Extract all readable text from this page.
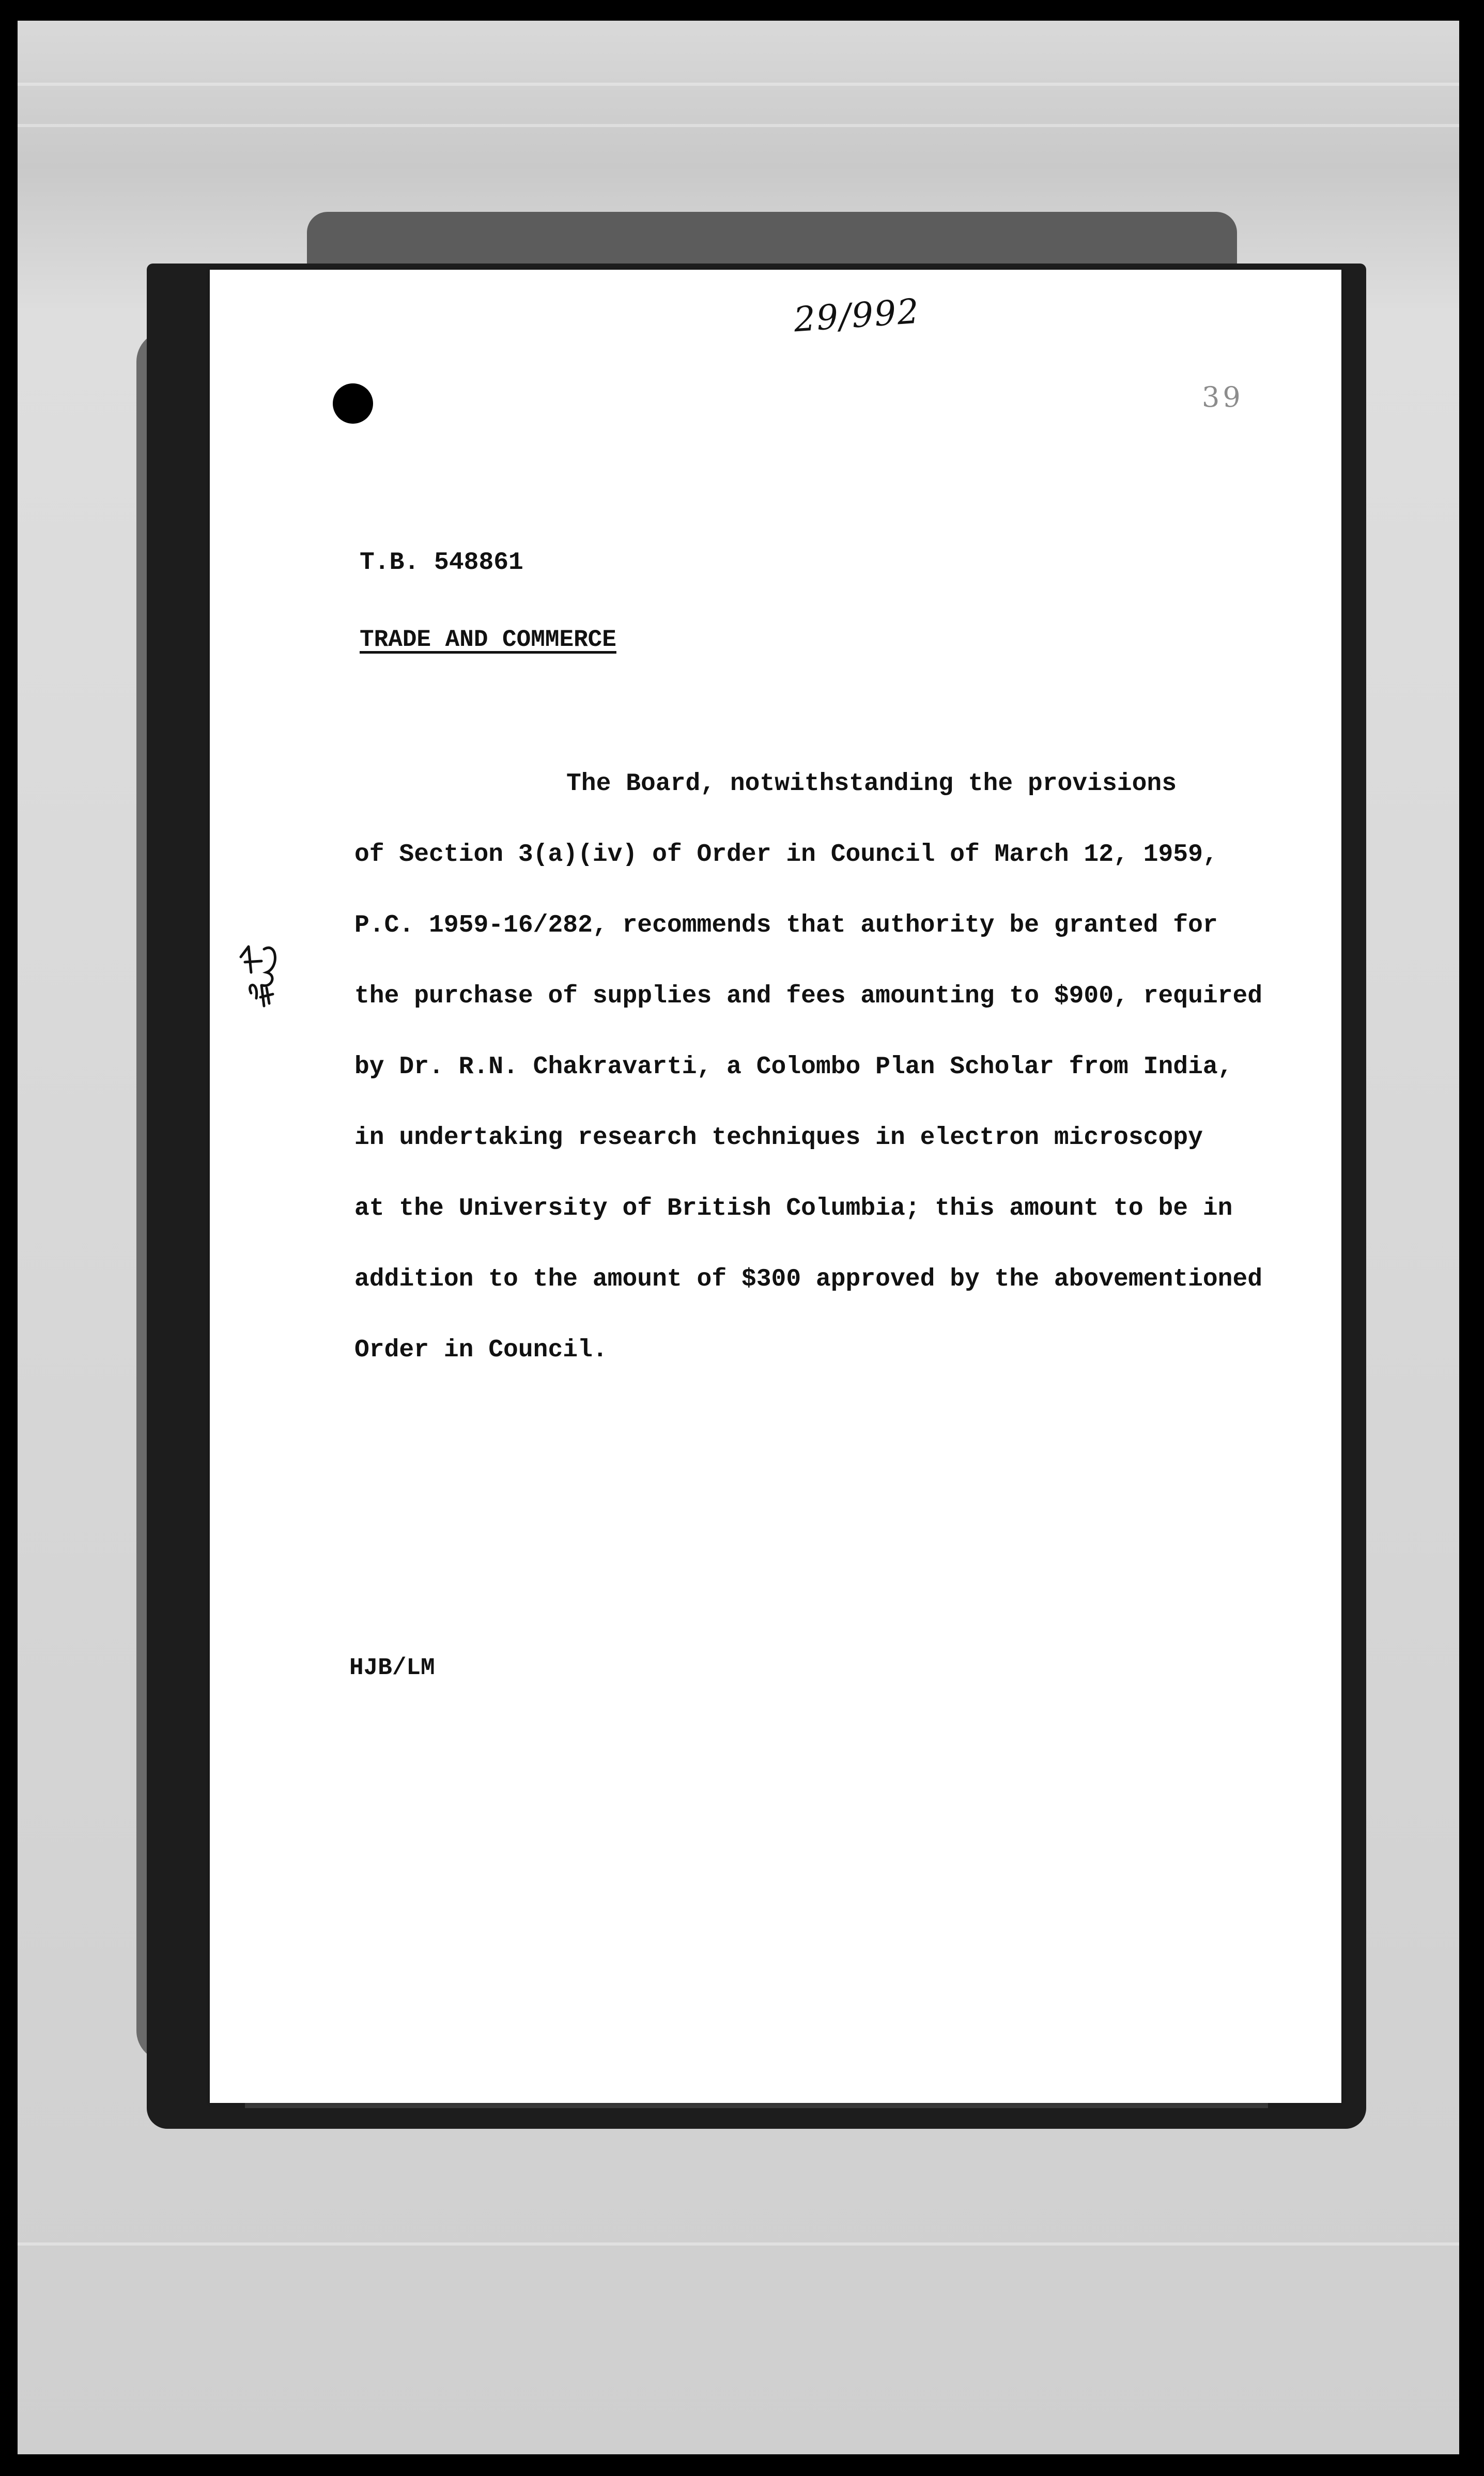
29/992
39
T.B. 548861
TRADE AND COMMERCE
The Board, notwithstanding the provisions
of Section 3(a)(iv) of Order in Council of March 12, 1959,
P.C. 1959-16/282, recommends that authority be granted for
the purchase of supplies and fees amounting to $900, required
by Dr. R.N. Chakravarti, a Colombo Plan Scholar from India,
in undertaking research techniques in electron microscopy
at the University of British Columbia; this amount to be in
addition to the amount of $300 approved by the abovementioned
Order in Council.
HJB/LM
